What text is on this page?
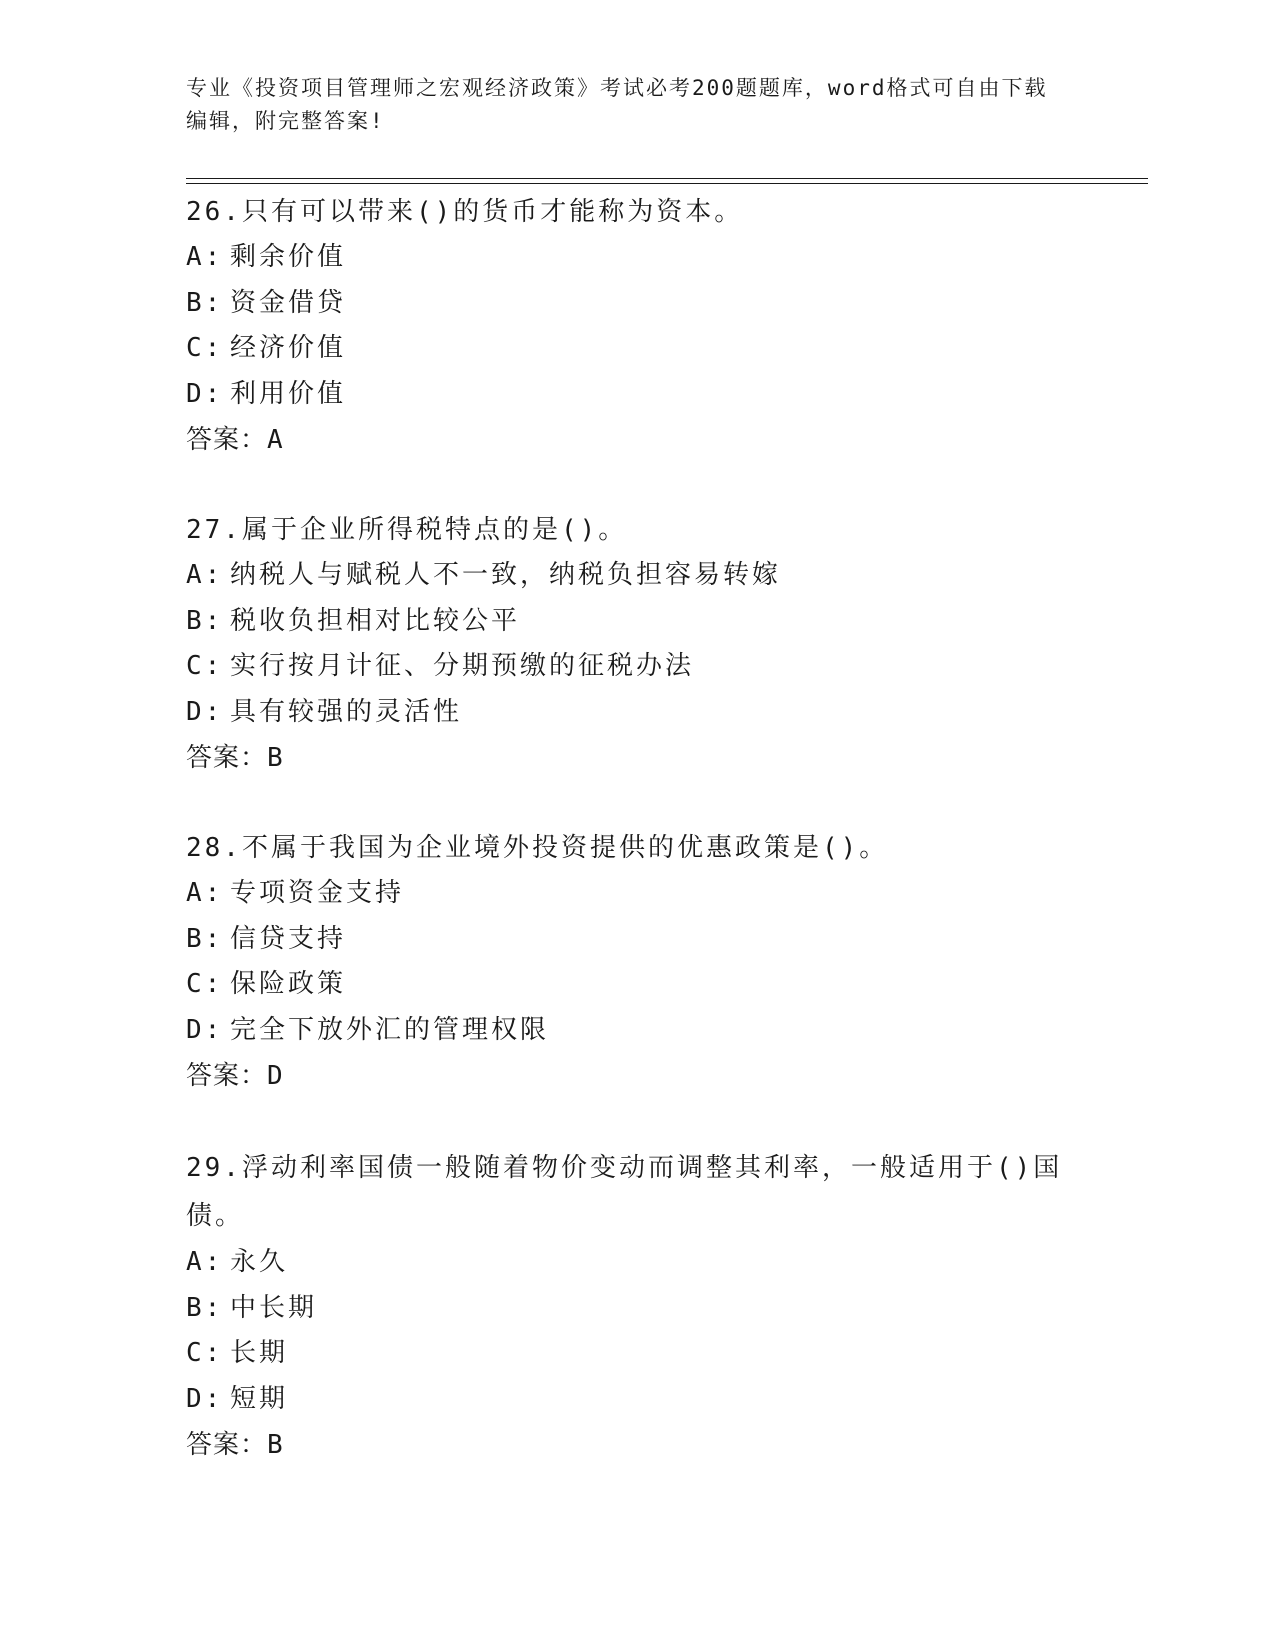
专业《投资项目管理师之宏观经济政策》考试必考200题题库，word格式可自由下载编辑，附完整答案!

26.只有可以带来()的货币才能称为资本。

A: 剩余价值
B: 资金借贷
C: 经济价值
D: 利用价值
答案：A

27.属于企业所得税特点的是()。

A: 纳税人与赋税人不一致，纳税负担容易转嫁
B: 税收负担相对比较公平
C: 实行按月计征、分期预缴的征税办法
D: 具有较强的灵活性
答案：B

28.不属于我国为企业境外投资提供的优惠政策是()。

A: 专项资金支持
B: 信贷支持
C: 保险政策
D: 完全下放外汇的管理权限
答案：D

29.浮动利率国债一般随着物价变动而调整其利率，一般适用于()国债。

A: 永久
B: 中长期
C: 长期
D: 短期
答案：B
